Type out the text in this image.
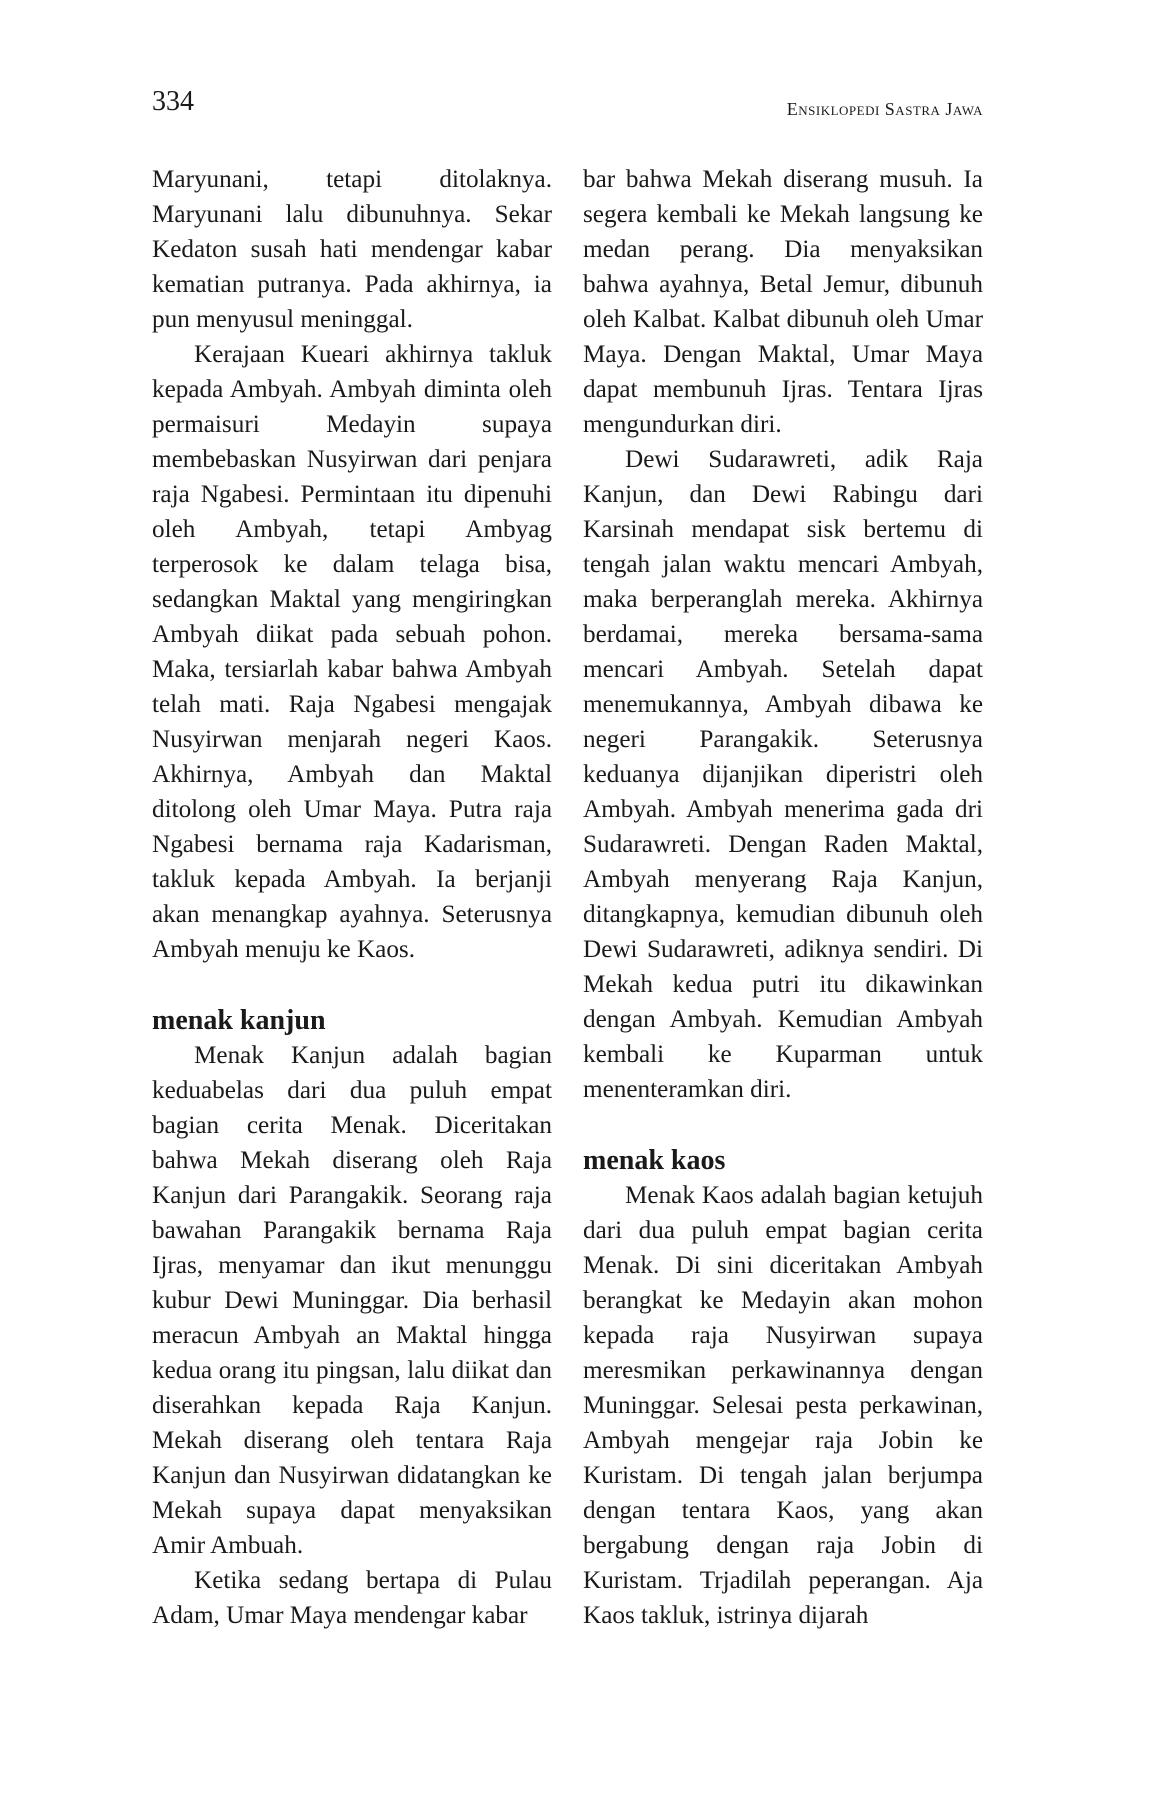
334	Ensiklopedi Sastra Jawa

Maryunani, tetapi ditolaknya. Maryunani lalu dibunuhnya. Sekar Kedaton susah hati mendengar kabar kematian putranya. Pada akhirnya, ia pun menyusul meninggal.

Kerajaan Kueari akhirnya takluk kepada Ambyah. Ambyah diminta oleh permaisuri Medayin supaya membebaskan Nusyirwan dari penjara raja Ngabesi. Permintaan itu dipenuhi oleh Ambyah, tetapi Ambyag terperosok ke dalam telaga bisa, sedangkan Maktal yang mengiringkan Ambyah diikat pada sebuah pohon. Maka, tersiarlah kabar bahwa Ambyah telah mati. Raja Ngabesi mengajak Nusyirwan menjarah negeri Kaos. Akhirnya, Ambyah dan Maktal ditolong oleh Umar Maya. Putra raja Ngabesi bernama raja Kadarisman, takluk kepada Ambyah. Ia berjanji akan menangkap ayahnya. Seterusnya Ambyah menuju ke Kaos.

menak kanjun

Menak Kanjun adalah bagian keduabelas dari dua puluh empat bagian cerita Menak. Diceritakan bahwa Mekah diserang oleh Raja Kanjun dari Parangakik. Seorang raja bawahan Parangakik bernama Raja Ijras, menyamar dan ikut menunggu kubur Dewi Muninggar. Dia berhasil meracun Ambyah an Maktal hingga kedua orang itu pingsan, lalu diikat dan diserahkan kepada Raja Kanjun. Mekah diserang oleh tentara Raja Kanjun dan Nusyirwan didatangkan ke Mekah supaya dapat menyaksikan Amir Ambuah.

Ketika sedang bertapa di Pulau Adam, Umar Maya mendengar kabar

bar bahwa Mekah diserang musuh. Ia segera kembali ke Mekah langsung ke medan perang. Dia menyaksikan bahwa ayahnya, Betal Jemur, dibunuh oleh Kalbat. Kalbat dibunuh oleh Umar Maya. Dengan Maktal, Umar Maya dapat membunuh Ijras. Tentara Ijras mengundurkan diri.

Dewi Sudarawreti, adik Raja Kanjun, dan Dewi Rabingu dari Karsinah mendapat sisk bertemu di tengah jalan waktu mencari Ambyah, maka berperanglah mereka. Akhirnya berdamai, mereka bersama-sama mencari Ambyah. Setelah dapat menemukannya, Ambyah dibawa ke negeri Parangakik. Seterusnya keduanya dijanjikan diperistri oleh Ambyah. Ambyah menerima gada dri Sudarawreti. Dengan Raden Maktal, Ambyah menyerang Raja Kanjun, ditangkapnya, kemudian dibunuh oleh Dewi Sudarawreti, adiknya sendiri. Di Mekah kedua putri itu dikawinkan dengan Ambyah. Kemudian Ambyah kembali ke Kuparman untuk menenteramkan diri.

menak kaos

Menak Kaos adalah bagian ketujuh dari dua puluh empat bagian cerita Menak. Di sini diceritakan Ambyah berangkat ke Medayin akan mohon kepada raja Nusyirwan supaya meresmikan perkawinannya dengan Muninggar. Selesai pesta perkawinan, Ambyah mengejar raja Jobin ke Kuristam. Di tengah jalan berjumpa dengan tentara Kaos, yang akan bergabung dengan raja Jobin di Kuristam. Trjadilah peperangan. Aja Kaos takluk, istrinya dijarah
